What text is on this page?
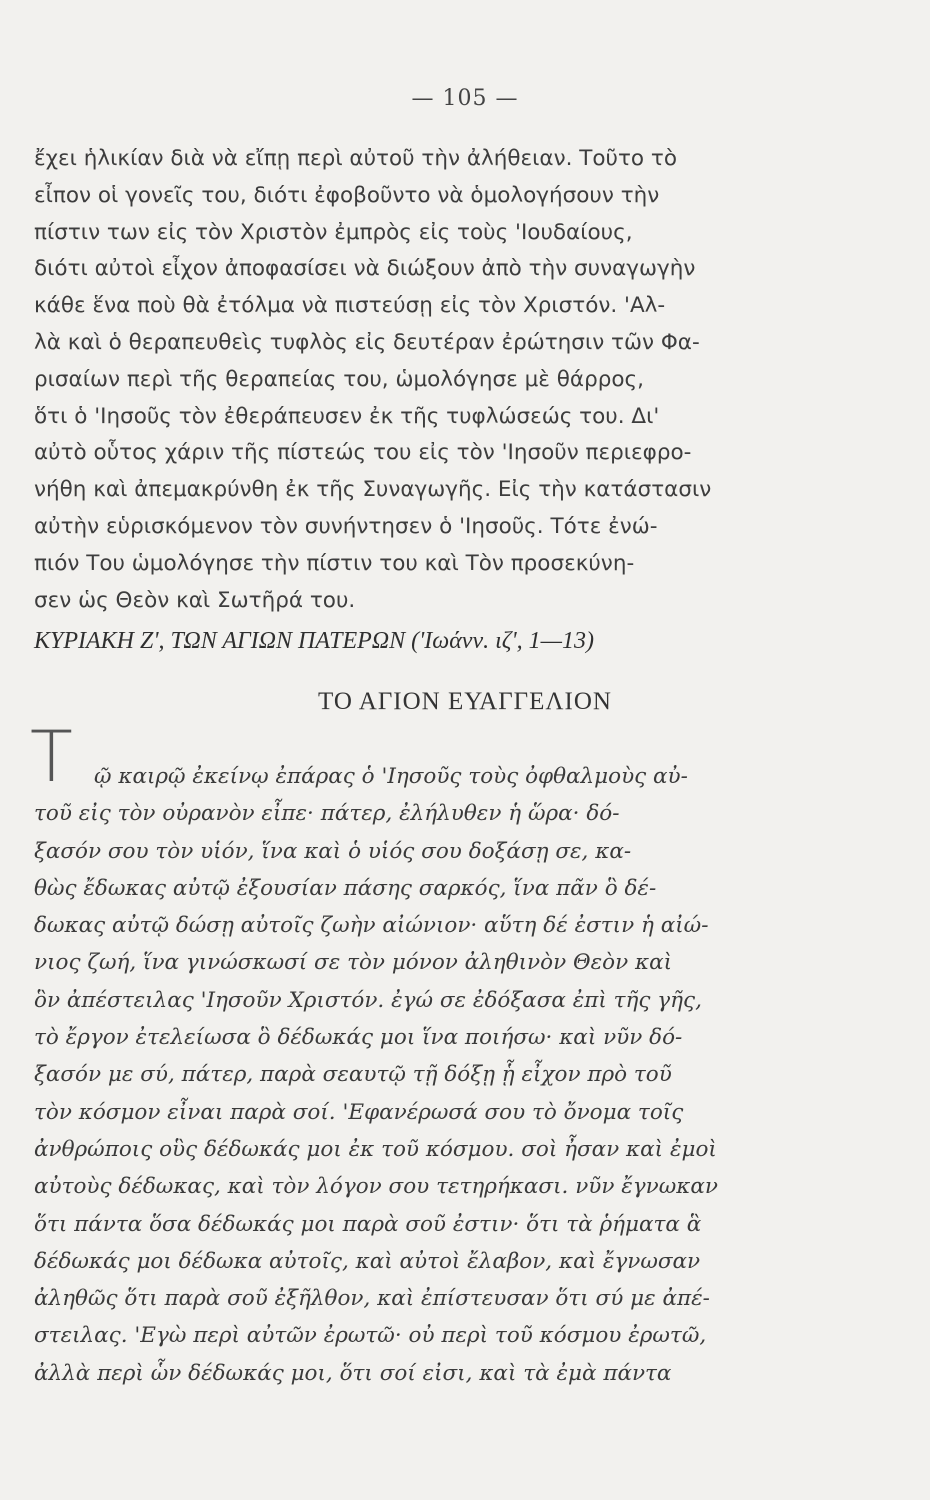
— 105 —
ἔχει ἡλικίαν διὰ νὰ εἴπῃ περὶ αὐτοῦ τὴν ἀλήθειαν. Τοῦτο τὸ
εἶπον οἱ γονεῖς του, διότι ἐφοβοῦντο νὰ ὁμολογήσουν τὴν
πίστιν των εἰς τὸν Χριστὸν ἐμπρὸς εἰς τοὺς 'Ιουδαίους,
διότι αὐτοὶ εἶχον ἀποφασίσει νὰ διώξουν ἀπὸ τὴν συναγωγὴν
κάθε ἕνα ποὺ θὰ ἐτόλμα νὰ πιστεύσῃ εἰς τὸν Χριστόν. 'Αλ-
λὰ καὶ ὁ θεραπευθεὶς τυφλὸς εἰς δευτέραν ἐρώτησιν τῶν Φα-
ρισαίων περὶ τῆς θεραπείας του, ὡμολόγησε μὲ θάρρος,
ὅτι ὁ 'Ιησοῦς τὸν ἐθεράπευσεν ἐκ τῆς τυφλώσεώς του. Δι'
αὐτὸ οὗτος χάριν τῆς πίστεώς του εἰς τὸν 'Ιησοῦν περιεφρο-
νήθη καὶ ἀπεμακρύνθη ἐκ τῆς Συναγωγῆς. Εἰς τὴν κατάστασιν
αὐτὴν εὑρισκόμενον τὸν συνήντησεν ὁ 'Ιησοῦς. Τότε ἐνώ-
πιόν Του ὡμολόγησε τὴν πίστιν του καὶ Τὸν προσεκύνη-
σεν ὡς Θεὸν καὶ Σωτῆρά του.
ΚΥΡΙΑΚΗ Ζ', ΤΩΝ ΑΓΙΩΝ ΠΑΤΕΡΩΝ ('Ιωάνν. ιζ', 1—13)
ΤΟ ΑΓΙΟΝ ΕΥΑΓΓΕΛΙΟΝ
Τ ῷ καιρῷ ἐκείνῳ ἐπάρας ὁ 'Ιησοῦς τοὺς ὀφθαλμοὺς αὐ-
τοῦ εἰς τὸν οὐρανὸν εἶπε· πάτερ, ἐλήλυθεν ἡ ὥρα· δό-
ξασόν σου τὸν υἱόν, ἵνα καὶ ὁ υἱός σου δοξάσῃ σε, κα-
θὼς ἔδωκας αὐτῷ ἐξουσίαν πάσης σαρκός, ἵνα πᾶν ὃ δέ-
δωκας αὐτῷ δώσῃ αὐτοῖς ζωὴν αἰώνιον· αὕτη δέ ἐστιν ἡ αἰώ-
νιος ζωή, ἵνα γινώσκωσί σε τὸν μόνον ἀληθινὸν Θεὸν καὶ
ὃν ἀπέστειλας 'Ιησοῦν Χριστόν. ἐγώ σε ἐδόξασα ἐπὶ τῆς γῆς,
τὸ ἔργον ἐτελείωσα ὃ δέδωκάς μοι ἵνα ποιήσω· καὶ νῦν δό-
ξασόν με σύ, πάτερ, παρὰ σεαυτῷ τῇ δόξῃ ᾗ εἶχον πρὸ τοῦ
τὸν κόσμον εἶναι παρὰ σοί. 'Εφανέρωσά σου τὸ ὄνομα τοῖς
ἀνθρώποις οὓς δέδωκάς μοι ἐκ τοῦ κόσμου. σοὶ ἦσαν καὶ ἐμοὶ
αὐτοὺς δέδωκας, καὶ τὸν λόγον σου τετηρήκασι. νῦν ἔγνωκαν
ὅτι πάντα ὅσα δέδωκάς μοι παρὰ σοῦ ἐστιν· ὅτι τὰ ῥήματα ἃ
δέδωκάς μοι δέδωκα αὐτοῖς, καὶ αὐτοὶ ἔλαβον, καὶ ἔγνωσαν
ἀληθῶς ὅτι παρὰ σοῦ ἐξῆλθον, καὶ ἐπίστευσαν ὅτι σύ με ἀπέ-
στειλας. 'Εγὼ περὶ αὐτῶν ἐρωτῶ· οὐ περὶ τοῦ κόσμου ἐρωτῶ,
ἀλλὰ περὶ ὧν δέδωκάς μοι, ὅτι σοί εἰσι, καὶ τὰ ἐμὰ πάντα
